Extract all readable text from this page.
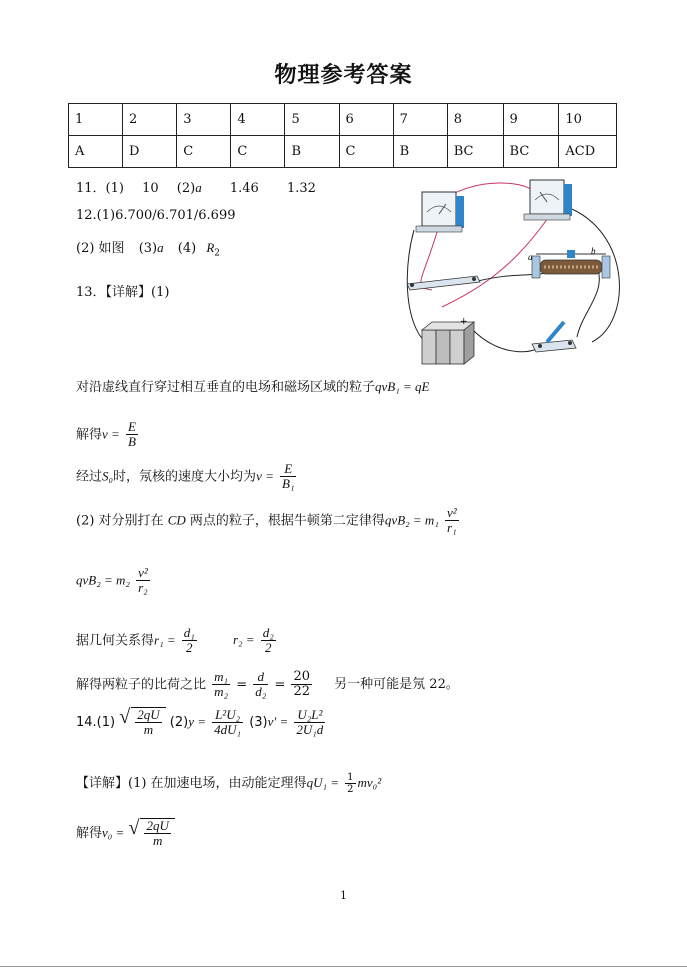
物理参考答案
1	2	3	4	5	6	7	8	9	10
A	D	C	C	B	C	B	BC	BC	ACD
11．(1) 10 (2)a 1.46 1.32
12.(1)6.700/6.701/6.699
(2) 如图 (3)a (4) $R_2$
13．【详解】(1)
a
b
+
对沿虚线直行穿过相互垂直的电场和磁场区域的粒子qvB₁ = qE
解得$v = \frac{E}{B}$
经过S₀时，氖核的速度大小均为$v = \frac{E}{\text{B₁}}$
(2) 对分别打在 CD 两点的粒子，根据牛顿第二定律得$qvB_2 = m_1 \frac{\text{v²}}{\text{r₁}}$
$qvB_2 = m_2 \frac{\text{v²}}{\text{r₂}}$
据几何关系得$r_1 = \frac{\text{d₁}}{2}$	$r_2 = \frac{\text{d₂}}{2}$
解得两粒子的比荷之比 $\frac{\text{m₁}}{\text{m₂}} = \frac{d}{\text{d₂}} = \frac{20}{22}$ 另一种可能是氖 22。
14.(1) √ $\frac{2qU}{m} (2)y = \frac{\text{L²U₂}}{\text{4dU₁}} (3)v' = \frac{\text{U₂L²}}{\text{2U₁d}}$
【详解】(1) 在加速电场，由动能定理得$qU_1 = \frac{1}{2} mv_0^2$
解得v₀ = √ $\frac{2qU}{m}$
1
